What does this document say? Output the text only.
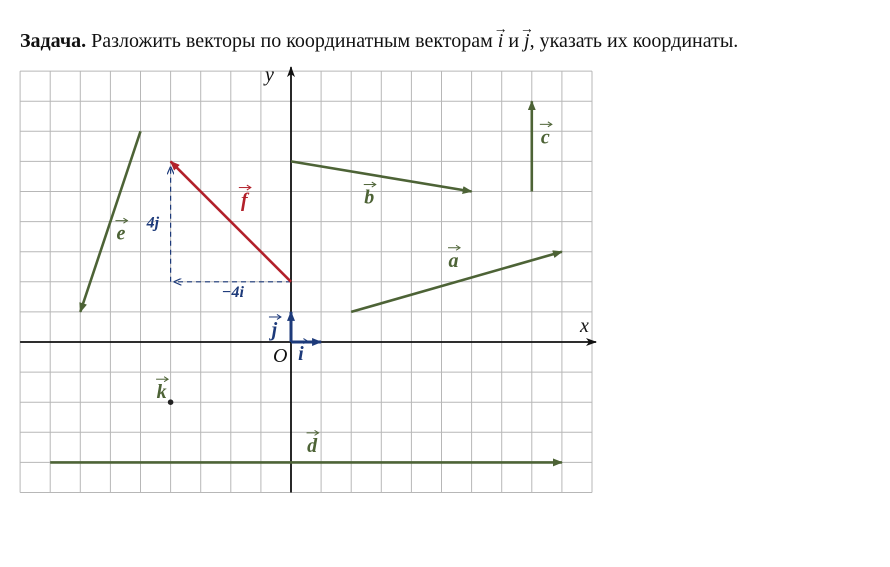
Задача. Разложить векторы по координатным векторам → i и → j, указать их координаты.
x
y
O
a
b
c
d
e
f
i
j
k
4j
−4i
